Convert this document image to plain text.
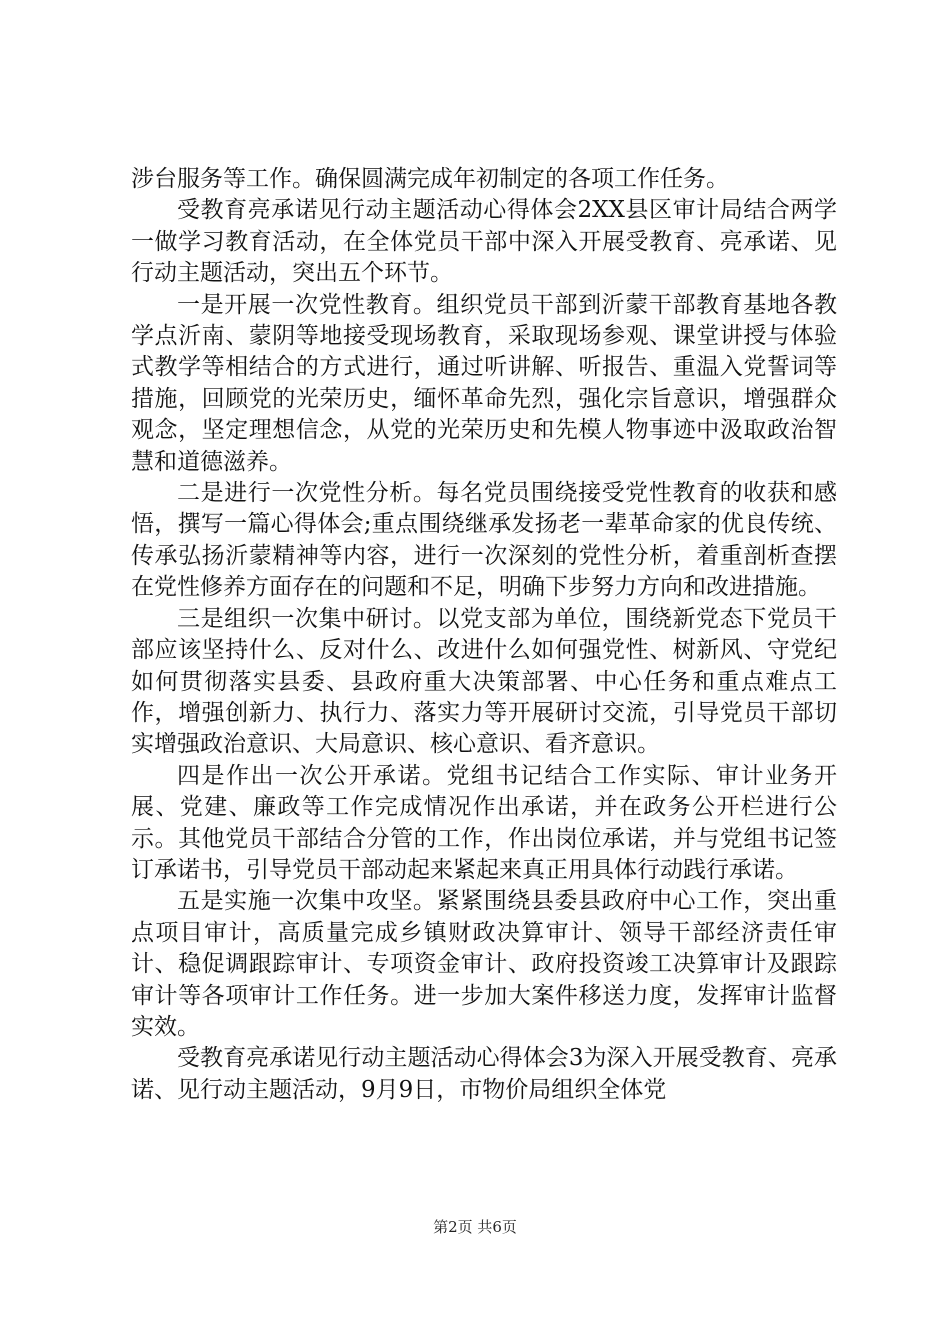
涉台服务等工作。确保圆满完成年初制定的各项工作任务。

受教育亮承诺见行动主题活动心得体会2XX县区审计局结合两学一做学习教育活动，在全体党员干部中深入开展受教育、亮承诺、见行动主题活动，突出五个环节。

一是开展一次党性教育。组织党员干部到沂蒙干部教育基地各教学点沂南、蒙阴等地接受现场教育，采取现场参观、课堂讲授与体验式教学等相结合的方式进行，通过听讲解、听报告、重温入党誓词等措施，回顾党的光荣历史，缅怀革命先烈，强化宗旨意识，增强群众观念，坚定理想信念，从党的光荣历史和先模人物事迹中汲取政治智慧和道德滋养。

二是进行一次党性分析。每名党员围绕接受党性教育的收获和感悟，撰写一篇心得体会;重点围绕继承发扬老一辈革命家的优良传统、传承弘扬沂蒙精神等内容，进行一次深刻的党性分析，着重剖析查摆在党性修养方面存在的问题和不足，明确下步努力方向和改进措施。

三是组织一次集中研讨。以党支部为单位，围绕新党态下党员干部应该坚持什么、反对什么、改进什么如何强党性、树新风、守党纪如何贯彻落实县委、县政府重大决策部署、中心任务和重点难点工作，增强创新力、执行力、落实力等开展研讨交流，引导党员干部切实增强政治意识、大局意识、核心意识、看齐意识。

四是作出一次公开承诺。党组书记结合工作实际、审计业务开展、党建、廉政等工作完成情况作出承诺，并在政务公开栏进行公示。其他党员干部结合分管的工作，作出岗位承诺，并与党组书记签订承诺书，引导党员干部动起来紧起来真正用具体行动践行承诺。

五是实施一次集中攻坚。紧紧围绕县委县政府中心工作，突出重点项目审计，高质量完成乡镇财政决算审计、领导干部经济责任审计、稳促调跟踪审计、专项资金审计、政府投资竣工决算审计及跟踪审计等各项审计工作任务。进一步加大案件移送力度，发挥审计监督实效。

受教育亮承诺见行动主题活动心得体会3为深入开展受教育、亮承诺、见行动主题活动，9月9日，市物价局组织全体党

第2页 共6页
